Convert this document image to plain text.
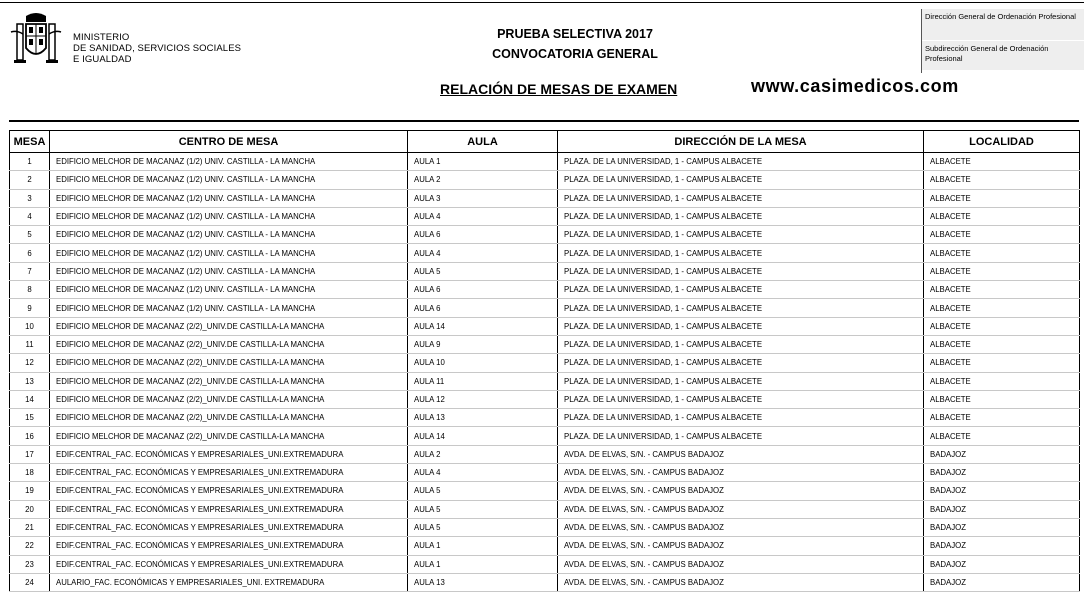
MINISTERIO
DE SANIDAD, SERVICIOS SOCIALES
E IGUALDAD
PRUEBA SELECTIVA 2017
CONVOCATORIA GENERAL
RELACIÓN DE MESAS DE EXAMEN	www.casimedicos.com
Dirección General de Ordenación Profesional
Subdirección General de Ordenación Profesional
MESA	CENTRO DE MESA	AULA	DIRECCIÓN DE LA MESA	LOCALIDAD
1	EDIFICIO MELCHOR DE MACANAZ (1/2) UNIV. CASTILLA - LA MANCHA	AULA 1	PLAZA. DE LA UNIVERSIDAD, 1 - CAMPUS ALBACETE	ALBACETE
2	EDIFICIO MELCHOR DE MACANAZ (1/2) UNIV. CASTILLA - LA MANCHA	AULA 2	PLAZA. DE LA UNIVERSIDAD, 1 - CAMPUS ALBACETE	ALBACETE
3	EDIFICIO MELCHOR DE MACANAZ (1/2) UNIV. CASTILLA - LA MANCHA	AULA 3	PLAZA. DE LA UNIVERSIDAD, 1 - CAMPUS ALBACETE	ALBACETE
4	EDIFICIO MELCHOR DE MACANAZ (1/2) UNIV. CASTILLA - LA MANCHA	AULA 4	PLAZA. DE LA UNIVERSIDAD, 1 - CAMPUS ALBACETE	ALBACETE
5	EDIFICIO MELCHOR DE MACANAZ (1/2) UNIV. CASTILLA - LA MANCHA	AULA 6	PLAZA. DE LA UNIVERSIDAD, 1 - CAMPUS ALBACETE	ALBACETE
6	EDIFICIO MELCHOR DE MACANAZ (1/2) UNIV. CASTILLA - LA MANCHA	AULA 4	PLAZA. DE LA UNIVERSIDAD, 1 - CAMPUS ALBACETE	ALBACETE
7	EDIFICIO MELCHOR DE MACANAZ (1/2) UNIV. CASTILLA - LA MANCHA	AULA 5	PLAZA. DE LA UNIVERSIDAD, 1 - CAMPUS ALBACETE	ALBACETE
8	EDIFICIO MELCHOR DE MACANAZ (1/2) UNIV. CASTILLA - LA MANCHA	AULA 6	PLAZA. DE LA UNIVERSIDAD, 1 - CAMPUS ALBACETE	ALBACETE
9	EDIFICIO MELCHOR DE MACANAZ (1/2) UNIV. CASTILLA - LA MANCHA	AULA 6	PLAZA. DE LA UNIVERSIDAD, 1 - CAMPUS ALBACETE	ALBACETE
10	EDIFICIO MELCHOR DE MACANAZ (2/2)_UNIV.DE CASTILLA-LA MANCHA	AULA 14	PLAZA. DE LA UNIVERSIDAD, 1 - CAMPUS ALBACETE	ALBACETE
11	EDIFICIO MELCHOR DE MACANAZ (2/2)_UNIV.DE CASTILLA-LA MANCHA	AULA 9	PLAZA. DE LA UNIVERSIDAD, 1 - CAMPUS ALBACETE	ALBACETE
12	EDIFICIO MELCHOR DE MACANAZ (2/2)_UNIV.DE CASTILLA-LA MANCHA	AULA 10	PLAZA. DE LA UNIVERSIDAD, 1 - CAMPUS ALBACETE	ALBACETE
13	EDIFICIO MELCHOR DE MACANAZ (2/2)_UNIV.DE CASTILLA-LA MANCHA	AULA 11	PLAZA. DE LA UNIVERSIDAD, 1 - CAMPUS ALBACETE	ALBACETE
14	EDIFICIO MELCHOR DE MACANAZ (2/2)_UNIV.DE CASTILLA-LA MANCHA	AULA 12	PLAZA. DE LA UNIVERSIDAD, 1 - CAMPUS ALBACETE	ALBACETE
15	EDIFICIO MELCHOR DE MACANAZ (2/2)_UNIV.DE CASTILLA-LA MANCHA	AULA 13	PLAZA. DE LA UNIVERSIDAD, 1 - CAMPUS ALBACETE	ALBACETE
16	EDIFICIO MELCHOR DE MACANAZ (2/2)_UNIV.DE CASTILLA-LA MANCHA	AULA 14	PLAZA. DE LA UNIVERSIDAD, 1 - CAMPUS ALBACETE	ALBACETE
17	EDIF.CENTRAL_FAC. ECONÓMICAS Y EMPRESARIALES_UNI.EXTREMADURA	AULA 2	AVDA. DE ELVAS, S/N. - CAMPUS BADAJOZ	BADAJOZ
18	EDIF.CENTRAL_FAC. ECONÓMICAS Y EMPRESARIALES_UNI.EXTREMADURA	AULA 4	AVDA. DE ELVAS, S/N. - CAMPUS BADAJOZ	BADAJOZ
19	EDIF.CENTRAL_FAC. ECONÓMICAS Y EMPRESARIALES_UNI.EXTREMADURA	AULA 5	AVDA. DE ELVAS, S/N. - CAMPUS BADAJOZ	BADAJOZ
20	EDIF.CENTRAL_FAC. ECONÓMICAS Y EMPRESARIALES_UNI.EXTREMADURA	AULA 5	AVDA. DE ELVAS, S/N. - CAMPUS BADAJOZ	BADAJOZ
21	EDIF.CENTRAL_FAC. ECONÓMICAS Y EMPRESARIALES_UNI.EXTREMADURA	AULA 5	AVDA. DE ELVAS, S/N. - CAMPUS BADAJOZ	BADAJOZ
22	EDIF.CENTRAL_FAC. ECONÓMICAS Y EMPRESARIALES_UNI.EXTREMADURA	AULA 1	AVDA. DE ELVAS, S/N. - CAMPUS BADAJOZ	BADAJOZ
23	EDIF.CENTRAL_FAC. ECONÓMICAS Y EMPRESARIALES_UNI.EXTREMADURA	AULA 1	AVDA. DE ELVAS, S/N. - CAMPUS BADAJOZ	BADAJOZ
24	AULARIO_FAC. ECONÓMICAS Y EMPRESARIALES_UNI. EXTREMADURA	AULA 13	AVDA. DE ELVAS, S/N. - CAMPUS BADAJOZ	BADAJOZ
